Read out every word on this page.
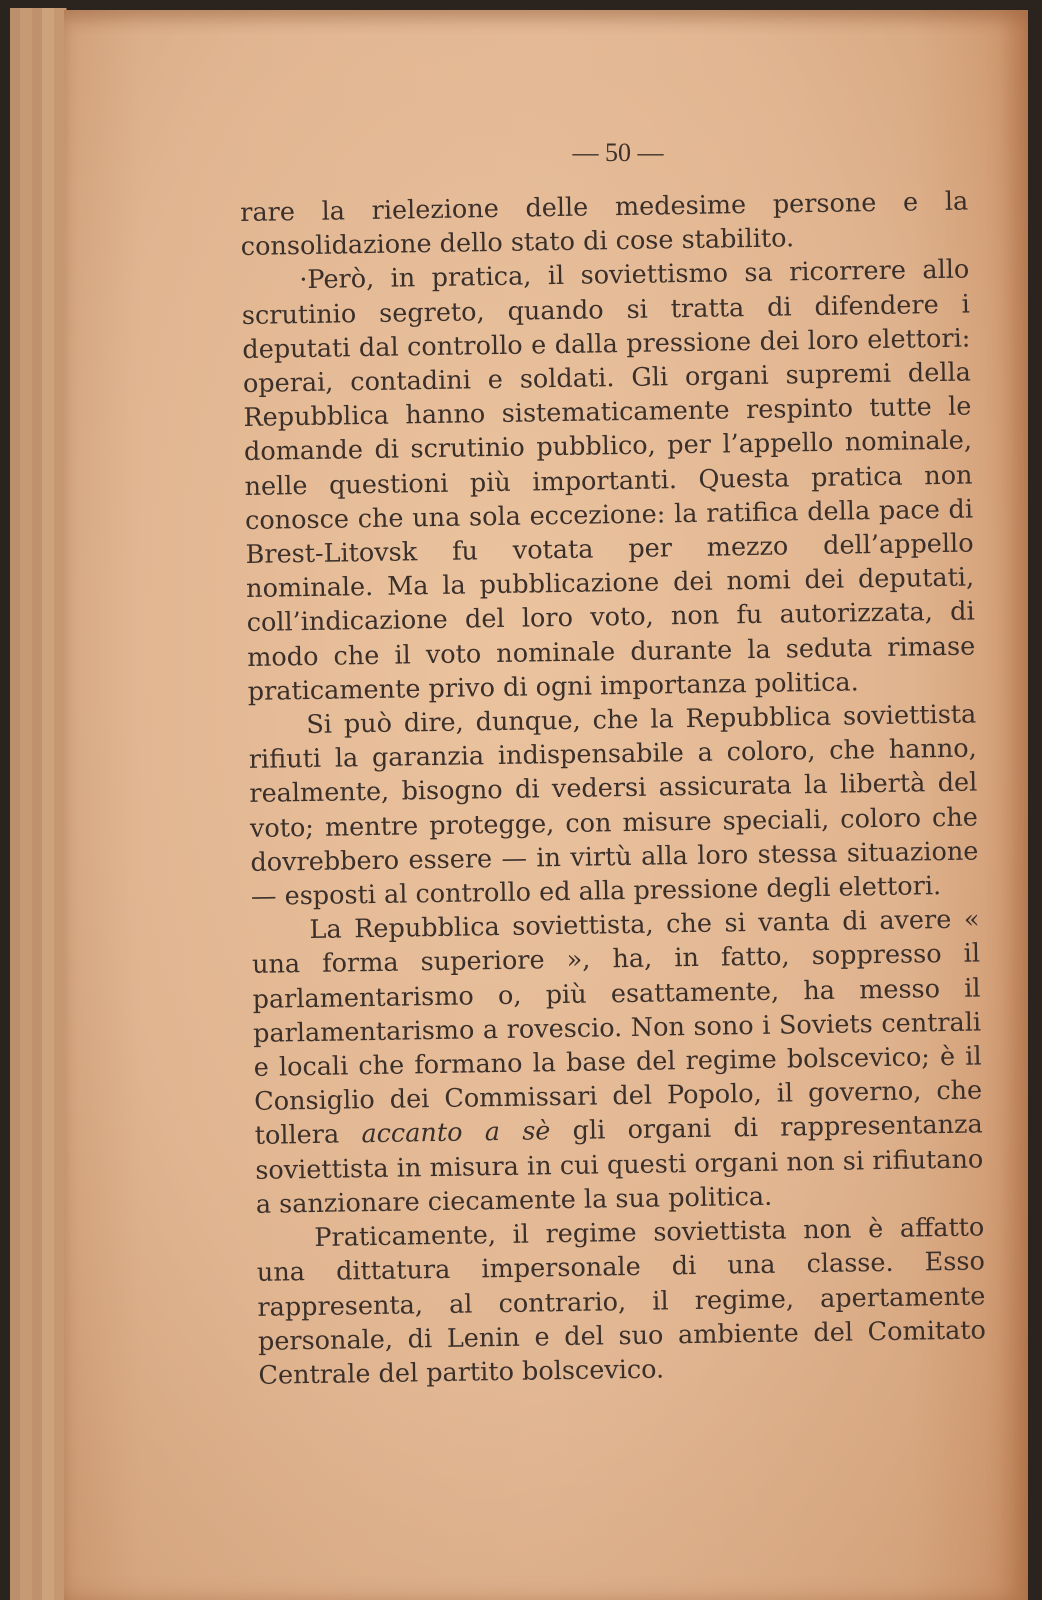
— 50 —

rare la rielezione delle medesime persone e la consolidazione dello stato di cose stabilito.

·Però, in pratica, il soviettismo sa ricorrere allo scrutinio segreto, quando si tratta di difendere i deputati dal controllo e dalla pressione dei loro elettori: operai, contadini e soldati. Gli organi supremi della Repubblica hanno sistematicamente respinto tutte le domande di scrutinio pubblico, per l’appello nominale, nelle questioni più importanti. Questa pratica non conosce che una sola eccezione: la ratifica della pace di Brest-Litovsk fu votata per mezzo dell’appello nominale. Ma la pubblicazione dei nomi dei deputati, coll’indicazione del loro voto, non fu autorizzata, di modo che il voto nominale durante la seduta rimase praticamente privo di ogni importanza politica.

Si può dire, dunque, che la Repubblica soviettista rifiuti la garanzia indispensabile a coloro, che hanno, realmente, bisogno di vedersi assicurata la libertà del voto; mentre protegge, con misure speciali, coloro che dovrebbero essere — in virtù alla loro stessa situazione — esposti al controllo ed alla pressione degli elettori.

La Repubblica soviettista, che si vanta di avere « una forma superiore », ha, in fatto, soppresso il parlamentarismo o, più esattamente, ha messo il parlamentarismo a rovescio. Non sono i Soviets centrali e locali che formano la base del regime bolscevico; è il Consiglio dei Commissari del Popolo, il governo, che tollera accanto a sè gli organi di rappresentanza soviettista in misura in cui questi organi non si rifiutano a sanzionare ciecamente la sua politica.

Praticamente, il regime soviettista non è affatto una dittatura impersonale di una classe. Esso rappresenta, al contrario, il regime, apertamente personale, di Lenin e del suo ambiente del Comitato Centrale del partito bolscevico.
